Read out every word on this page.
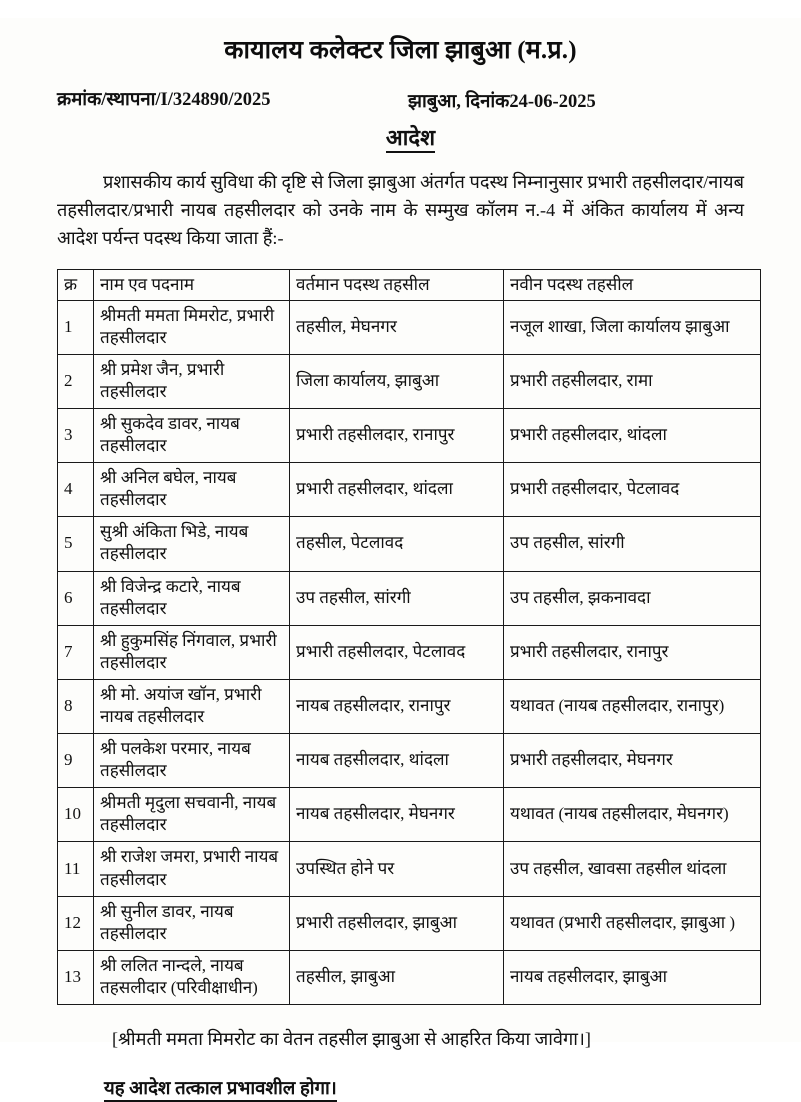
कायालय कलेक्टर जिला झाबुआ (म.प्र.)
क्रमांक/स्थापना/I/324890/2025	झाबुआ, दिनांक24-06-2025
आदेश
प्रशासकीय कार्य सुविधा की दृष्टि से जिला झाबुआ अंतर्गत पदस्थ निम्नानुसार प्रभारी तहसीलदार/नायब तहसीलदार/प्रभारी नायब तहसीलदार को उनके नाम के सम्मुख कॉलम न.-4 में अंकित कार्यालय में अन्य आदेश पर्यन्त पदस्थ किया जाता हैं:-
क्र	नाम एव पदनाम	वर्तमान पदस्थ तहसील	नवीन पदस्थ तहसील
1	श्रीमती ममता मिमरोट, प्रभारी तहसीलदार	तहसील, मेघनगर	नजूल शाखा, जिला कार्यालय झाबुआ
2	श्री प्रमेश जैन, प्रभारी तहसीलदार	जिला कार्यालय, झाबुआ	प्रभारी तहसीलदार, रामा
3	श्री सुकदेव डावर, नायब तहसीलदार	प्रभारी तहसीलदार, रानापुर	प्रभारी तहसीलदार, थांदला
4	श्री अनिल बघेल, नायब तहसीलदार	प्रभारी तहसीलदार, थांदला	प्रभारी तहसीलदार, पेटलावद
5	सुश्री अंकिता भिडे, नायब तहसीलदार	तहसील, पेटलावद	उप तहसील, सांरगी
6	श्री विजेन्द्र कटारे, नायब तहसीलदार	उप तहसील, सांरगी	उप तहसील, झकनावदा
7	श्री हुकुमसिंह निंगवाल, प्रभारी तहसीलदार	प्रभारी तहसीलदार, पेटलावद	प्रभारी तहसीलदार, रानापुर
8	श्री मो. अयांज खॉन, प्रभारी नायब तहसीलदार	नायब तहसीलदार, रानापुर	यथावत (नायब तहसीलदार, रानापुर)
9	श्री पलकेश परमार, नायब तहसीलदार	नायब तहसीलदार, थांदला	प्रभारी तहसीलदार, मेघनगर
10	श्रीमती मृदुला सचवानी, नायब तहसीलदार	नायब तहसीलदार, मेघनगर	यथावत (नायब तहसीलदार, मेघनगर)
11	श्री राजेश जमरा, प्रभारी नायब तहसीलदार	उपस्थित होने पर	उप तहसील, खावसा तहसील थांदला
12	श्री सुनील डावर, नायब तहसीलदार	प्रभारी तहसीलदार, झाबुआ	यथावत (प्रभारी तहसीलदार, झाबुआ )
13	श्री ललित नान्दले, नायब तहसलीदार (परिवीक्षाधीन)	तहसील, झाबुआ	नायब तहसीलदार, झाबुआ
[श्रीमती ममता मिमरोट का वेतन तहसील झाबुआ से आहरित किया जावेगा।]
यह आदेश तत्काल प्रभावशील होगा।
